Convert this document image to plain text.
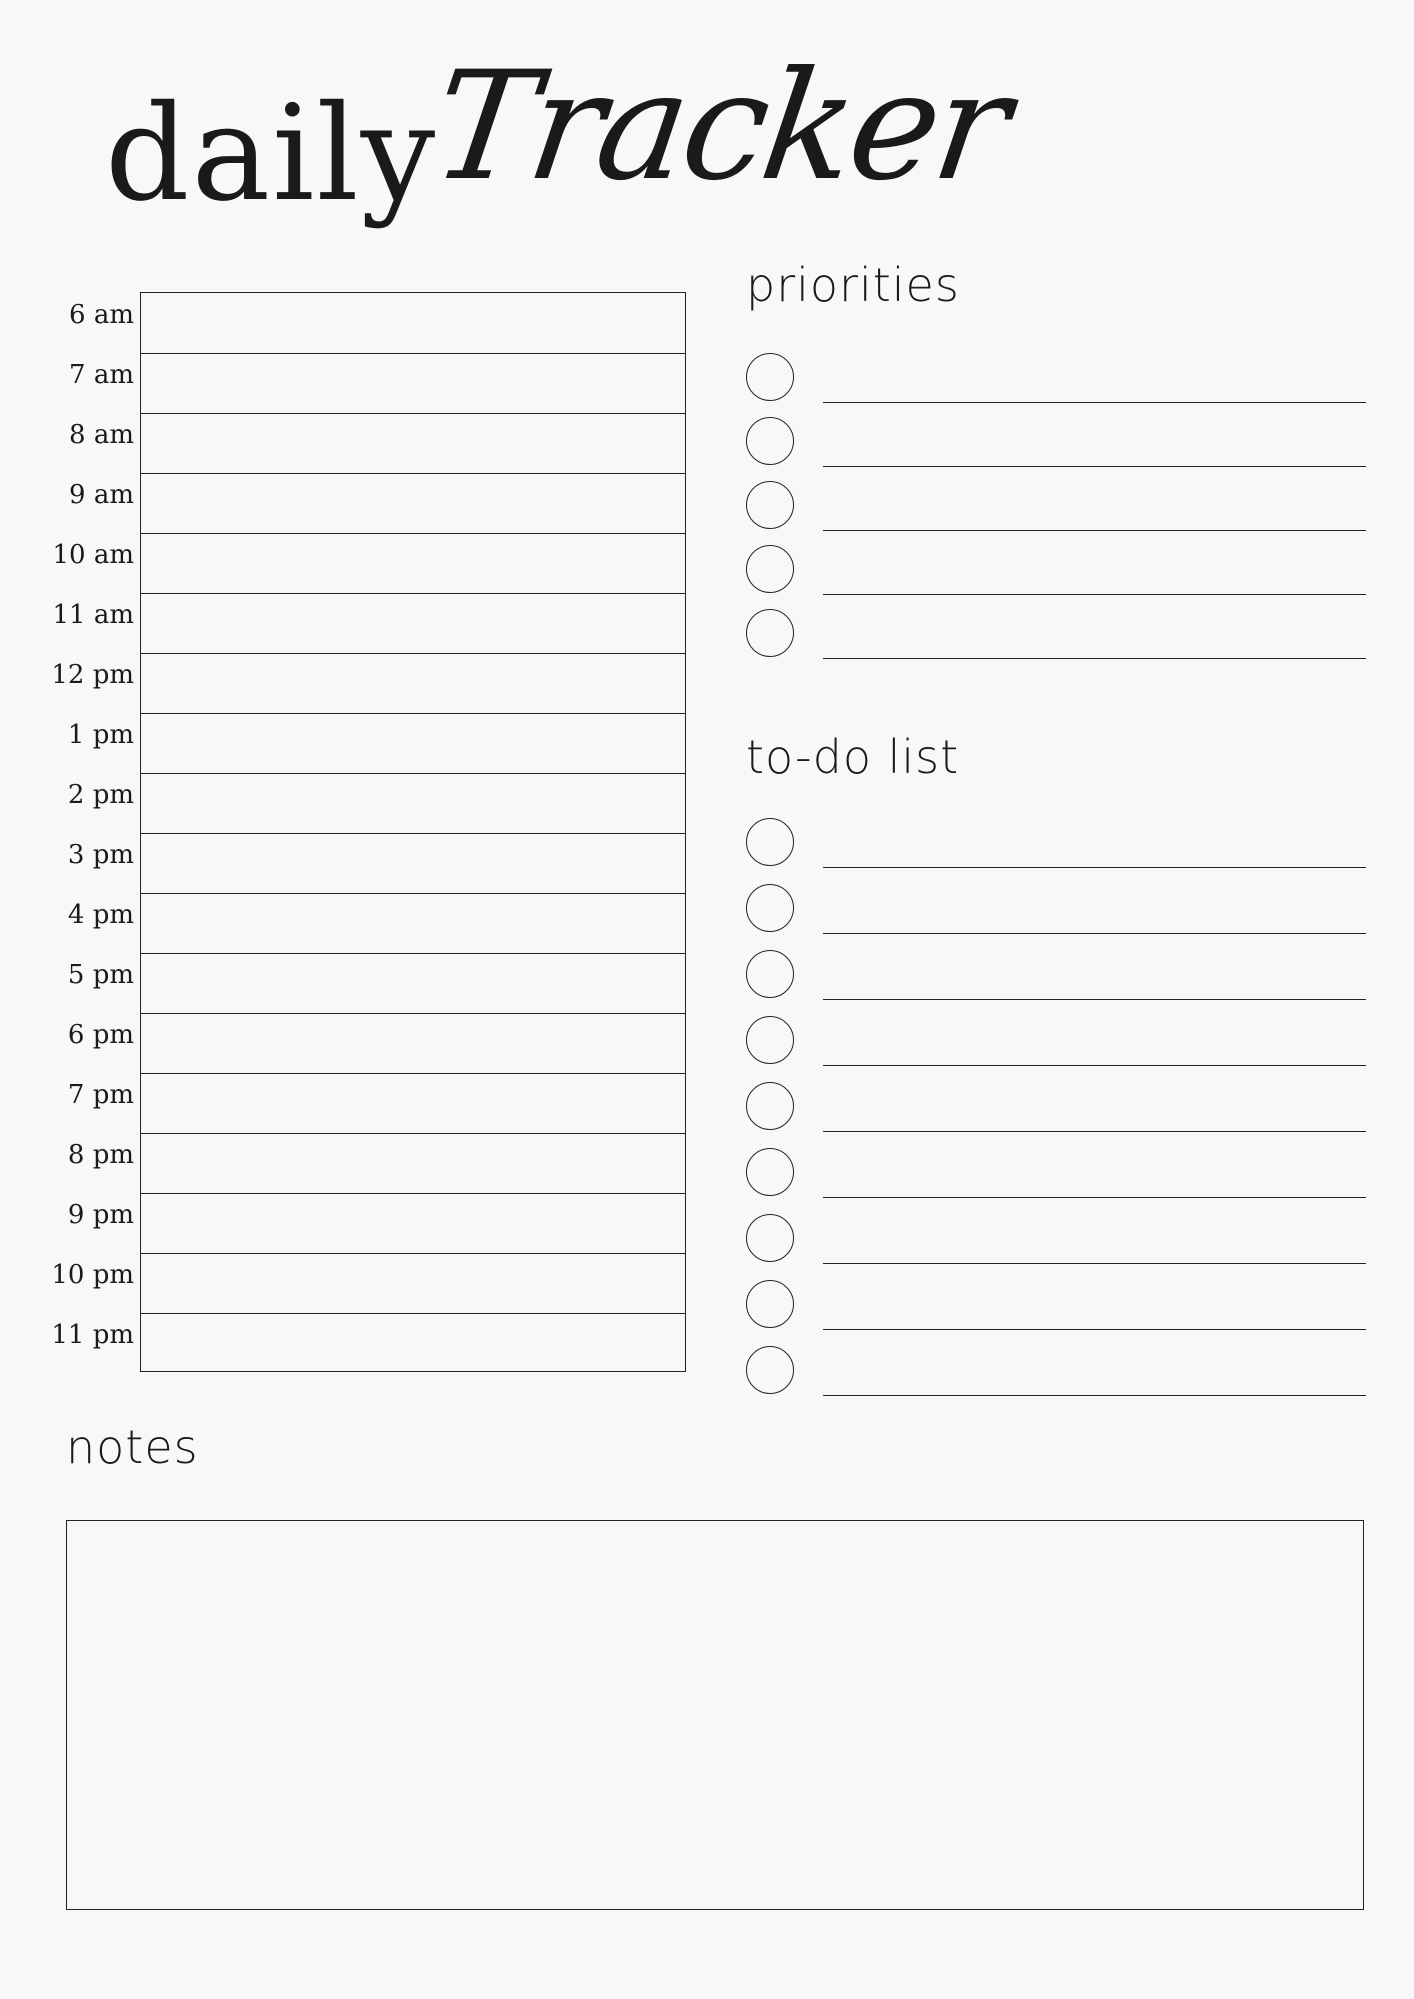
daily
Tracker
6 am
7 am
8 am
9 am
10 am
11 am
12 pm
1 pm
2 pm
3 pm
4 pm
5 pm
6 pm
7 pm
8 pm
9 pm
10 pm
11 pm
priorities
to-do list
notes
